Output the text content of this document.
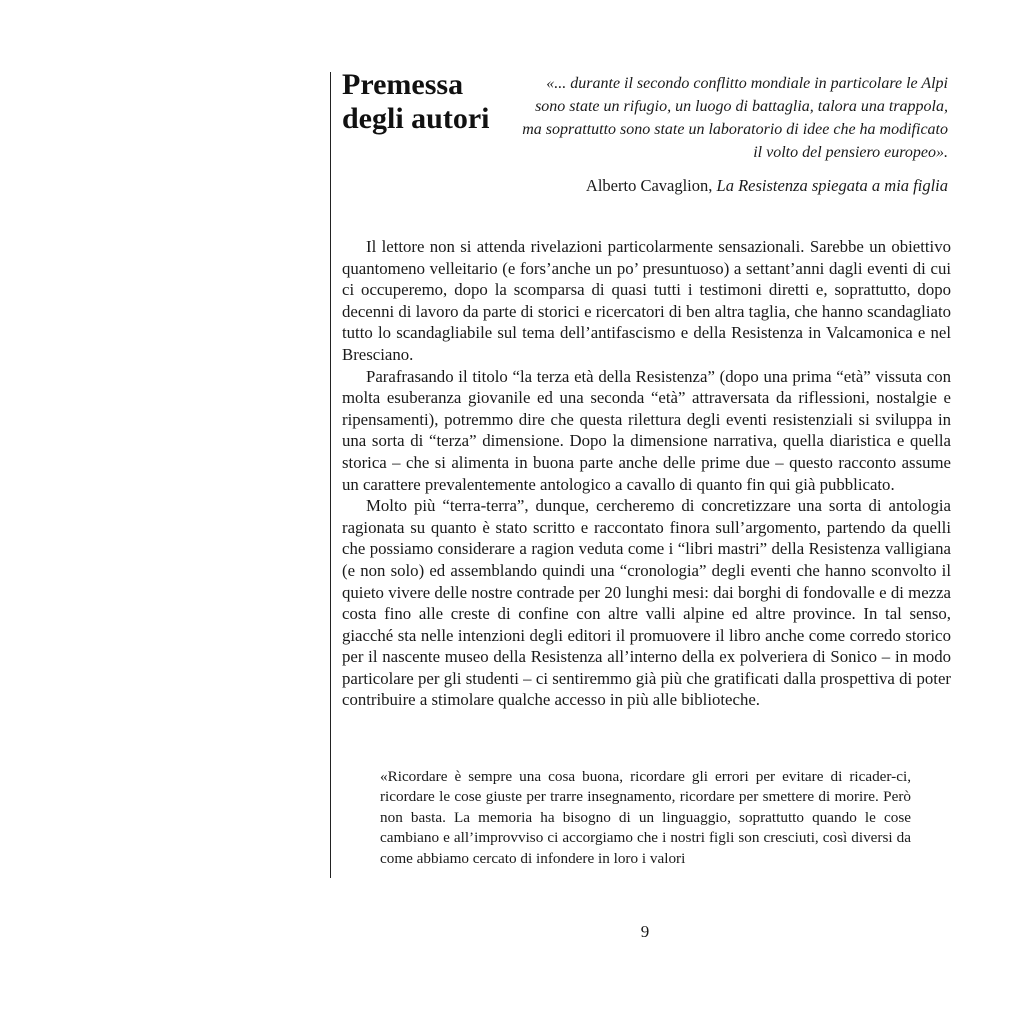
Premessa
degli autori

«... durante il secondo conflitto mondiale in particolare le Alpi sono state un rifugio, un luogo di battaglia, talora una trappola, ma soprattutto sono state un laboratorio di idee che ha modificato il volto del pensiero europeo».

Alberto Cavaglion, La Resistenza spiegata a mia figlia

Il lettore non si attenda rivelazioni particolarmente sensazionali. Sarebbe un obiettivo quantomeno velleitario (e fors’anche un po’ presuntuoso) a settant’anni dagli eventi di cui ci occuperemo, dopo la scomparsa di quasi tutti i testimoni diretti e, soprattutto, dopo decenni di lavoro da parte di storici e ricercatori di ben altra taglia, che hanno scandagliato tutto lo scandagliabile sul tema dell’antifascismo e della Resistenza in Valcamonica e nel Bresciano.

Parafrasando il titolo “la terza età della Resistenza” (dopo una prima “età” vissuta con molta esuberanza giovanile ed una seconda “età” attraversata da riflessioni, nostalgie e ripensamenti), potremmo dire che questa rilettura degli eventi resistenziali si sviluppa in una sorta di “terza” dimensione. Dopo la dimensione narrativa, quella diaristica e quella storica – che si alimenta in buona parte anche delle prime due – questo racconto assume un carattere prevalentemente antologico a cavallo di quanto fin qui già pubblicato.

Molto più “terra-terra”, dunque, cercheremo di concretizzare una sorta di antologia ragionata su quanto è stato scritto e raccontato finora sull’argomento, partendo da quelli che possiamo considerare a ragion veduta come i “libri mastri” della Resistenza valligiana (e non solo) ed assemblando quindi una “cronologia” degli eventi che hanno sconvolto il quieto vivere delle nostre contrade per 20 lunghi mesi: dai borghi di fondovalle e di mezza costa fino alle creste di confine con altre valli alpine ed altre province. In tal senso, giacché sta nelle intenzioni degli editori il promuovere il libro anche come corredo storico per il nascente museo della Resistenza all’interno della ex polveriera di Sonico – in modo particolare per gli studenti – ci sentiremmo già più che gratificati dalla prospettiva di poter contribuire a stimolare qualche accesso in più alle biblioteche.

«Ricordare è sempre una cosa buona, ricordare gli errori per evitare di ricader-ci, ricordare le cose giuste per trarre insegnamento, ricordare per smettere di morire. Però non basta. La memoria ha bisogno di un linguaggio, soprattutto quando le cose cambiano e all’improvviso ci accorgiamo che i nostri figli son cresciuti, così diversi da come abbiamo cercato di infondere in loro i valori

9
